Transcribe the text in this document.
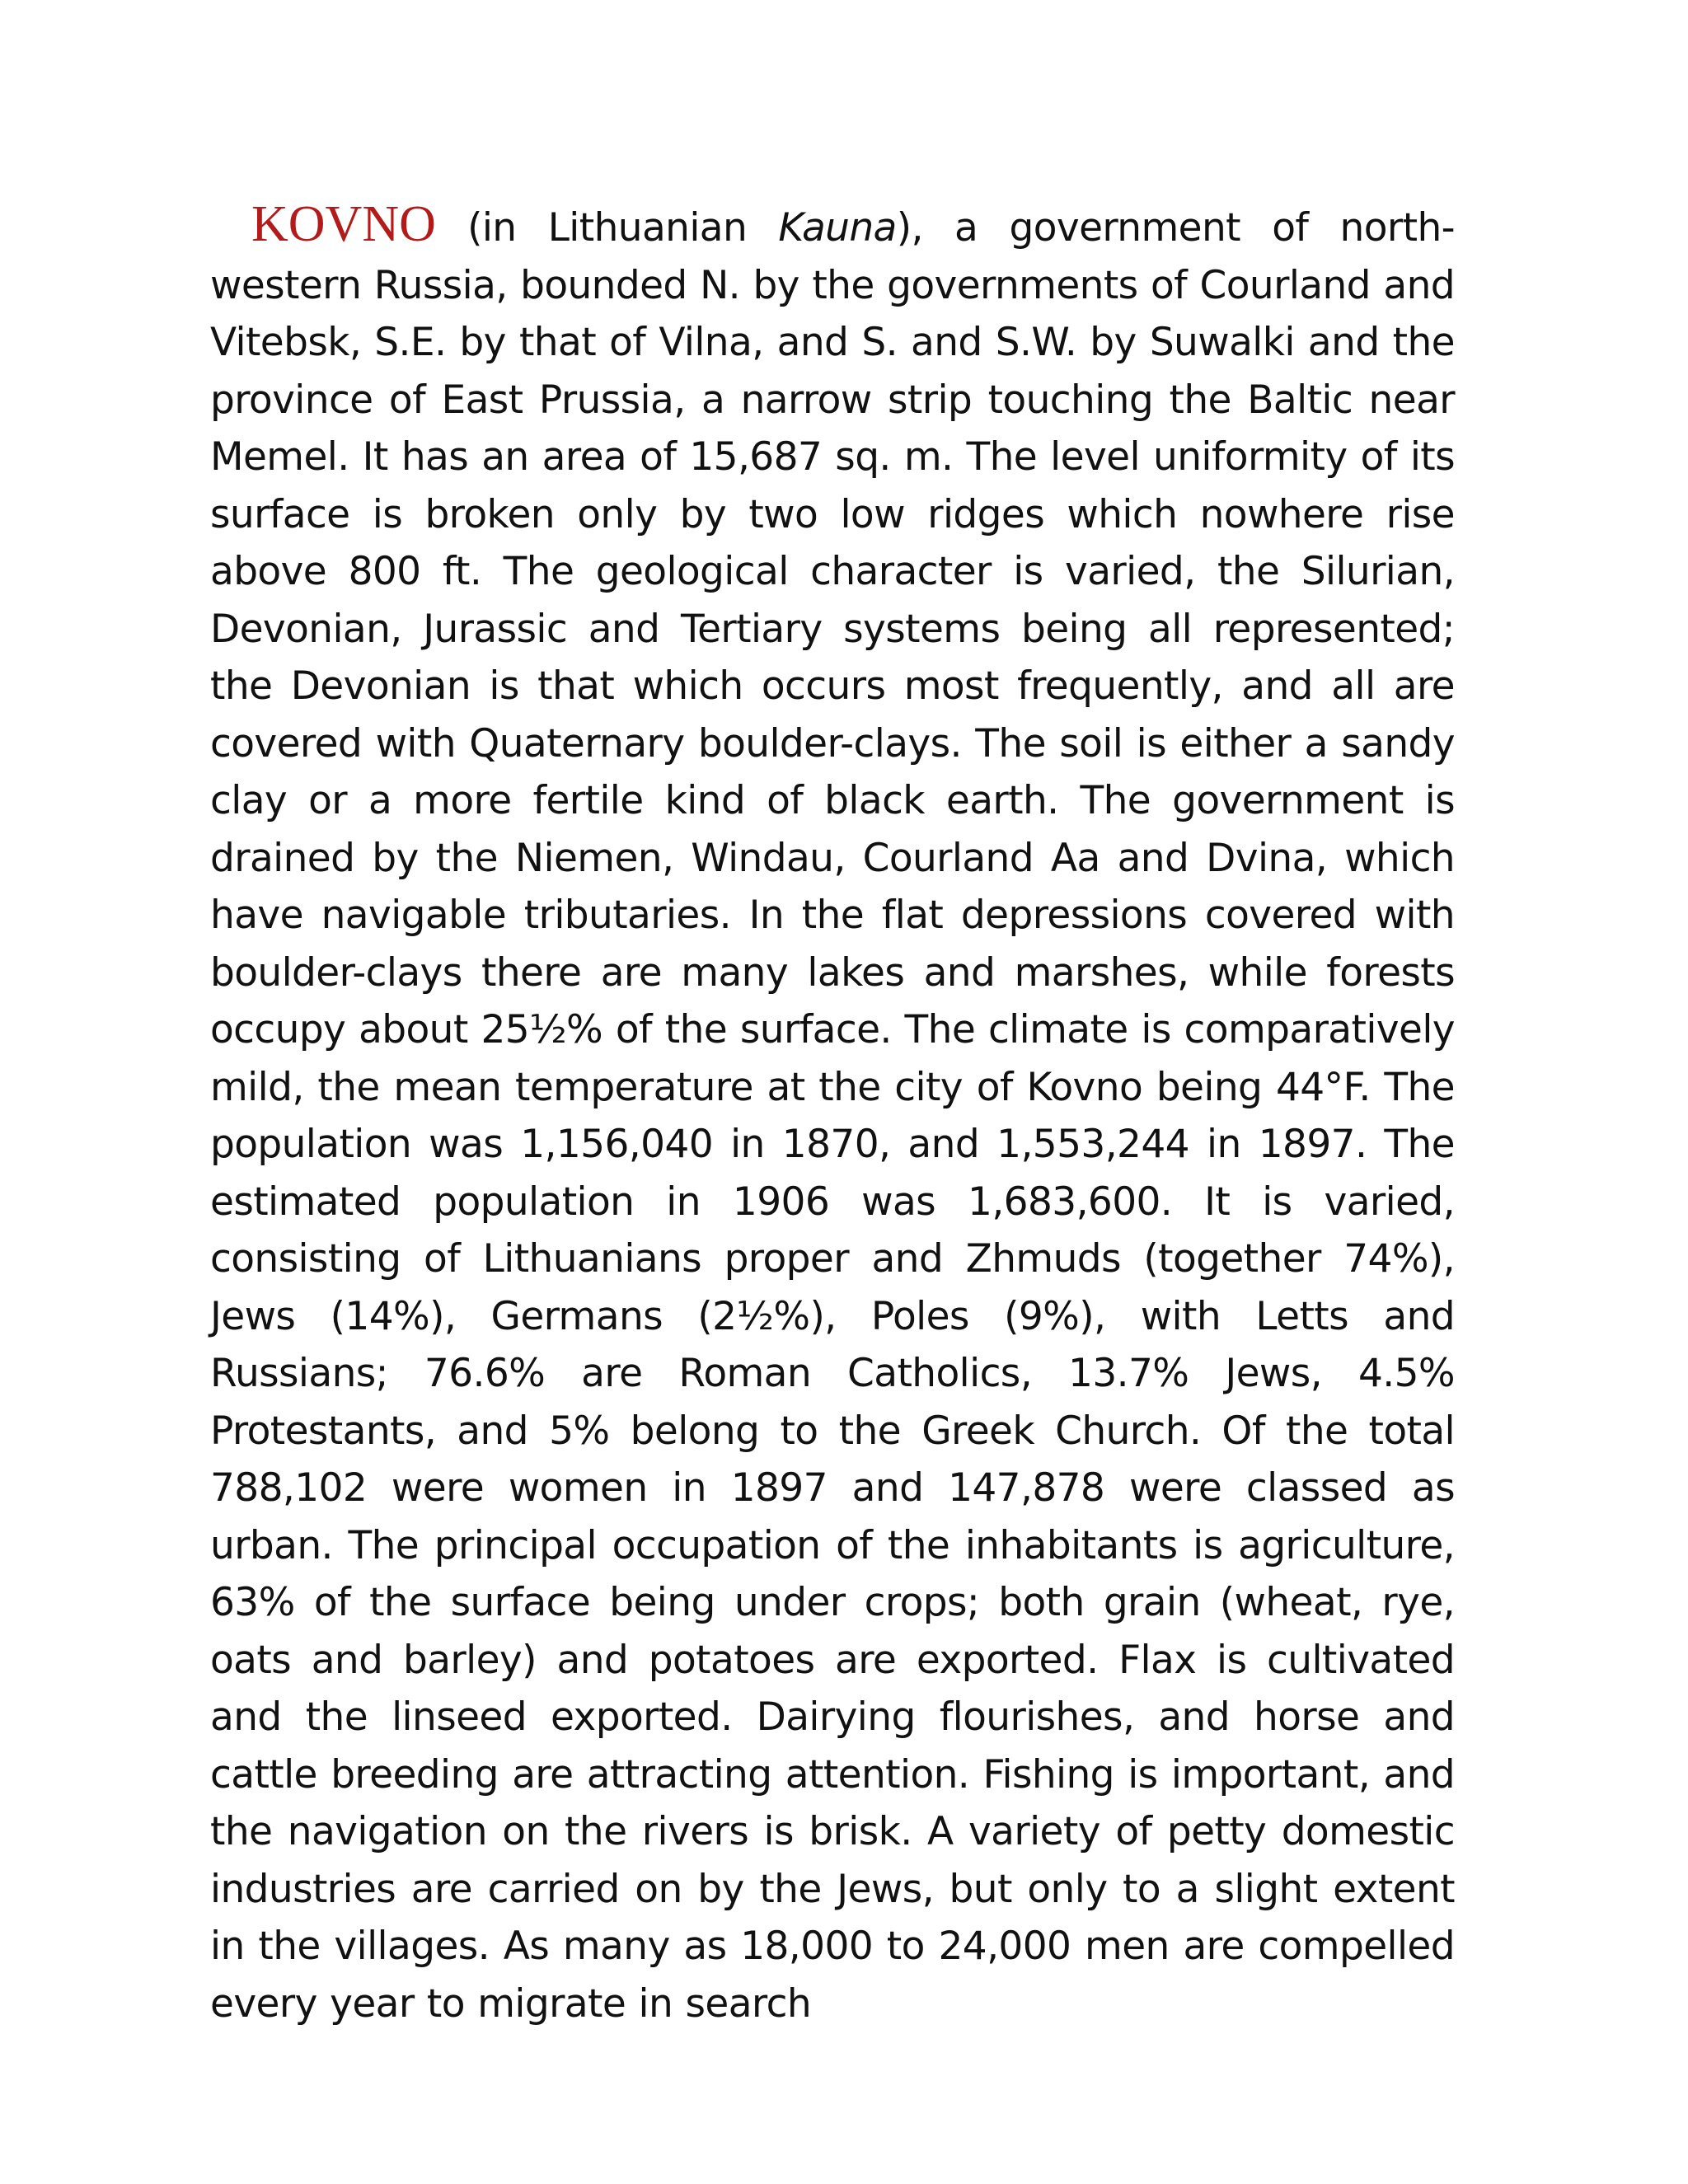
KOVNO (in Lithuanian Kauna), a government of north-western Russia, bounded N. by the governments of Courland and Vitebsk, S.E. by that of Vilna, and S. and S.W. by Suwalki and the province of East Prussia, a narrow strip touching the Baltic near Memel. It has an area of 15,687 sq. m. The level uniformity of its surface is broken only by two low ridges which nowhere rise above 800 ft. The geological character is varied, the Silurian, Devonian, Jurassic and Tertiary systems being all represented; the Devonian is that which occurs most frequently, and all are covered with Quaternary boulder-clays. The soil is either a sandy clay or a more fertile kind of black earth. The government is drained by the Niemen, Windau, Courland Aa and Dvina, which have navigable tributaries. In the flat depressions covered with boulder-clays there are many lakes and marshes, while forests occupy about 25½% of the surface. The climate is comparatively mild, the mean temperature at the city of Kovno being 44°F. The population was 1,156,040 in 1870, and 1,553,244 in 1897. The estimated population in 1906 was 1,683,600. It is varied, consisting of Lithuanians proper and Zhmuds (together 74%), Jews (14%), Germans (2½%), Poles (9%), with Letts and Russians; 76.6% are Roman Catholics, 13.7% Jews, 4.5% Protestants, and 5% belong to the Greek Church. Of the total 788,102 were women in 1897 and 147,878 were classed as urban. The principal occupation of the inhabitants is agriculture, 63% of the surface being under crops; both grain (wheat, rye, oats and barley) and potatoes are exported. Flax is cultivated and the linseed exported. Dairying flourishes, and horse and cattle breeding are attracting attention. Fishing is important, and the navigation on the rivers is brisk. A variety of petty domestic industries are carried on by the Jews, but only to a slight extent in the villages. As many as 18,000 to 24,000 men are compelled every year to migrate in search
